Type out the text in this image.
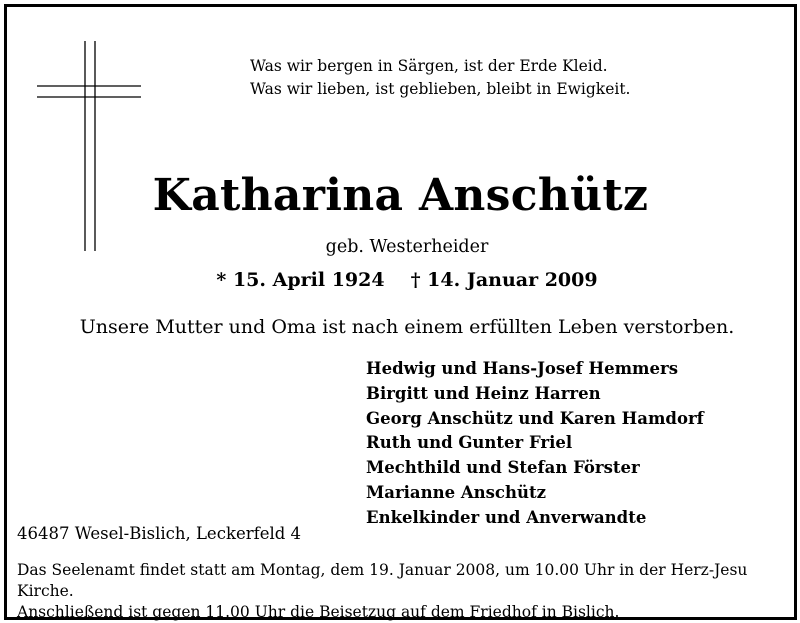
Was wir bergen in Särgen, ist der Erde Kleid.
Was wir lieben, ist geblieben, bleibt in Ewigkeit.
Katharina Anschütz
geb. Westerheider
* 15. April 1924 † 14. Januar 2009
Unsere Mutter und Oma ist nach einem erfüllten Leben verstorben.
Hedwig und Hans-Josef Hemmers
Birgitt und Heinz Harren
Georg Anschütz und Karen Hamdorf
Ruth und Gunter Friel
Mechthild und Stefan Förster
Marianne Anschütz
Enkelkinder und Anverwandte
46487 Wesel-Bislich, Leckerfeld 4
Das Seelenamt findet statt am Montag, dem 19. Januar 2008, um 10.00 Uhr in der Herz-Jesu Kirche.
Anschließend ist gegen 11.00 Uhr die Beisetzug auf dem Friedhof in Bislich.
